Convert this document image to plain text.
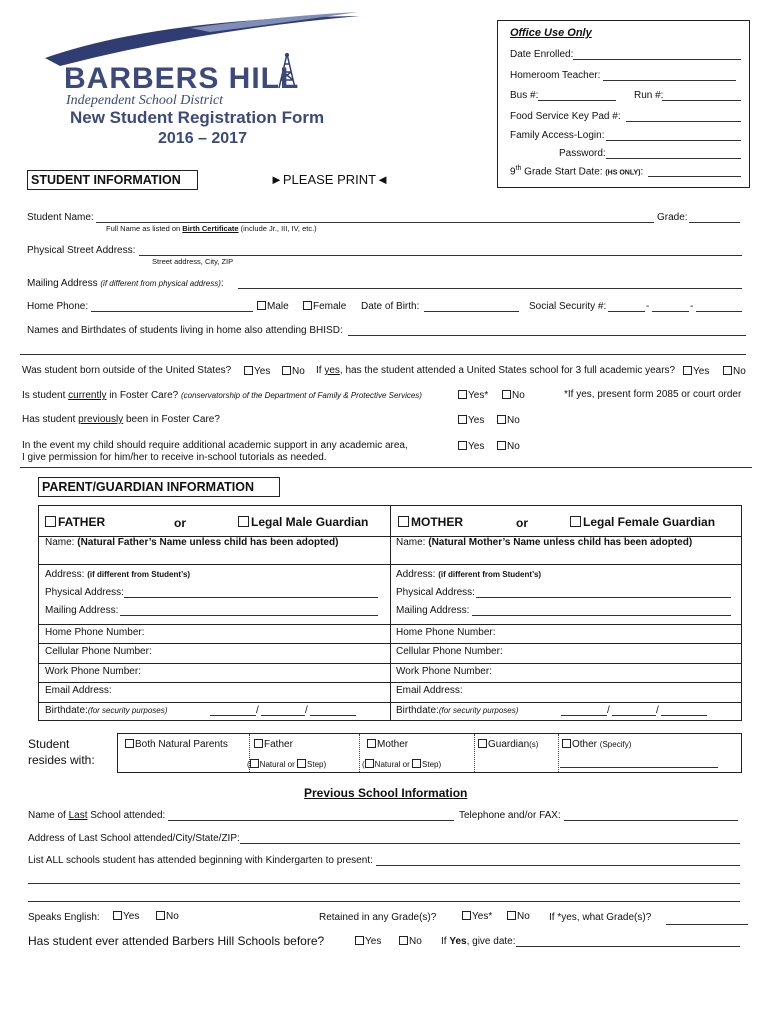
BARBERS HILL
Independent School District
New Student Registration Form
2016 – 2017
Office Use Only
Date Enrolled:
Homeroom Teacher:
Bus #:	Run #:
Food Service Key Pad #:
Family Access-Login:
Password:
9th Grade Start Date: (HS ONLY):
STUDENT INFORMATION	►PLEASE PRINT◄
Student Name:	Grade:
Full Name as listed on Birth Certificate (include Jr., III, IV, etc.)
Physical Street Address:
Street address, City, ZIP
Mailing Address (if different from physical address):
Home Phone:	Male	Female Date of Birth:	Social Security #:	-	-
Names and Birthdates of students living in home also attending BHISD:
Was student born outside of the United States?	Yes	No If yes, has the student attended a United States school for 3 full academic years?	Yes	No
Is student currently in Foster Care? (conservatorship of the Department of Family & Protective Services)	Yes*	No	*If yes, present form 2085 or court order
Has student previously been in Foster Care?	Yes	No
In the event my child should require additional academic support in any academic area,
I give permission for him/her to receive in-school tutorials as needed.
Yes	No
PARENT/GUARDIAN INFORMATION
FATHER	or	Legal Male Guardian	MOTHER	or	Legal Female Guardian
Name: (Natural Father’s Name unless child has been adopted)	Name: (Natural Mother’s Name unless child has been adopted)
Address: (if different from Student’s)	Address: (if different from Student’s)
Physical Address:	Physical Address:
Mailing Address:	Mailing Address:
Home Phone Number:	Home Phone Number:
Cellular Phone Number:	Cellular Phone Number:
Work Phone Number:	Work Phone Number:
Email Address:	Email Address:
Birthdate:(for security purposes)	/	/	Birthdate:(for security purposes)	/	/
Student
resides with:
Both Natural Parents	Father
( Natural or Step)
Mother
( Natural or Step)
Guardian(s)	Other (Specify)
Previous School Information
Name of Last School attended:	Telephone and/or FAX:
Address of Last School attended/City/State/ZIP:
List ALL schools student has attended beginning with Kindergarten to present:
Speaks English:	Yes	No	Retained in any Grade(s)?	Yes*	No If *yes, what Grade(s)?
Has student ever attended Barbers Hill Schools before?	Yes	No If Yes, give date:
